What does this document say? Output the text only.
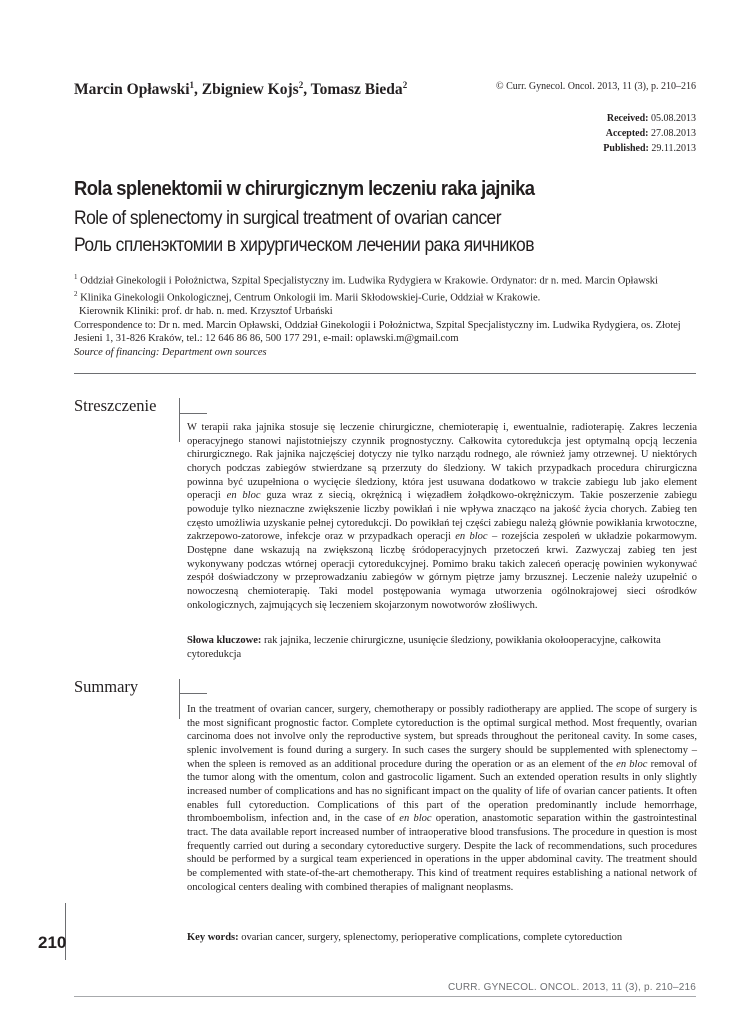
Marcin Opławski$^1$, Zbigniew Kojs$^2$, Tomasz Bieda$^2$	© Curr. Gynecol. Oncol. 2013, 11 (3), p. 210–216
Received: 05.08.2013
Accepted: 27.08.2013
Published: 29.11.2013
Rola splenektomii w chirurgicznym leczeniu raka jajnika
Role of splenectomy in surgical treatment of ovarian cancer
Роль спленэктомии в хирургическом лечении рака яичников

$^1$ Oddział Ginekologii i Położnictwa, Szpital Specjalistyczny im. Ludwika Rydygiera w Krakowie. Ordynator: dr n. med. Marcin Opławski

$^2$ Klinika Ginekologii Onkologicznej, Centrum Onkologii im. Marii Skłodowskiej-Curie, Oddział w Krakowie.

Kierownik Kliniki: prof. dr hab. n. med. Krzysztof Urbański

Correspondence to: Dr n. med. Marcin Opławski, Oddział Ginekologii i Położnictwa, Szpital Specjalistyczny im. Ludwika Rydygiera, os. Złotej Jesieni 1, 31-826 Kraków, tel.: 12 646 86 86, 500 177 291, e-mail: oplawski.m@gmail.com

Source of financing: Department own sources

Streszczenie

W terapii raka jajnika stosuje się leczenie chirurgiczne, chemioterapię i, ewentualnie, radioterapię. Zakres leczenia operacyjnego stanowi najistotniejszy czynnik prognostyczny. Całkowita cytoredukcja jest optymalną opcją leczenia chirurgicznego. Rak jajnika najczęściej dotyczy nie tylko narządu rodnego, ale również jamy otrzewnej. U niektórych chorych podczas zabiegów stwierdzane są przerzuty do śledziony. W takich przypadkach procedura chirurgiczna powinna być uzupełniona o wycięcie śledziony, która jest usuwana dodatkowo w trakcie zabiegu lub jako element operacji en bloc guza wraz z siecią, okrężnicą i więzadłem żołądkowo-okrężniczym. Takie poszerzenie zabiegu powoduje tylko nieznaczne zwiększenie liczby powikłań i nie wpływa znacząco na jakość życia chorych. Zabieg ten często umożliwia uzyskanie pełnej cytoredukcji. Do powikłań tej części zabiegu należą głównie powikłania krwotoczne, zakrzepowo-zatorowe, infekcje oraz w przypadkach operacji en bloc – rozejścia zespoleń w układzie pokarmowym. Dostępne dane wskazują na zwiększoną liczbę śródoperacyjnych przetoczeń krwi. Zazwyczaj zabieg ten jest wykonywany podczas wtórnej operacji cytoredukcyjnej. Pomimo braku takich zaleceń operację powinien wykonywać zespół doświadczony w przeprowadzaniu zabiegów w górnym piętrze jamy brzusznej. Leczenie należy uzupełnić o nowoczesną chemioterapię. Taki model postępowania wymaga utworzenia ogólnokrajowej sieci ośrodków onkologicznych, zajmujących się leczeniem skojarzonym nowotworów złośliwych.

Słowa kluczowe: rak jajnika, leczenie chirurgiczne, usunięcie śledziony, powikłania okołooperacyjne, całkowita cytoredukcja
Summary

In the treatment of ovarian cancer, surgery, chemotherapy or possibly radiotherapy are applied. The scope of surgery is the most significant prognostic factor. Complete cytoreduction is the optimal surgical method. Most frequently, ovarian carcinoma does not involve only the reproductive system, but spreads throughout the peritoneal cavity. In some cases, splenic involvement is found during a surgery. In such cases the surgery should be supplemented with splenectomy – when the spleen is removed as an additional procedure during the operation or as an element of the en bloc removal of the tumor along with the omentum, colon and gastrocolic ligament. Such an extended operation results in only slightly increased number of complications and has no significant impact on the quality of life of ovarian cancer patients. It often enables full cytoreduction. Complications of this part of the operation predominantly include hemorrhage, thromboembolism, infection and, in the case of en bloc operation, anastomotic separation within the gastrointestinal tract. The data available report increased number of intraoperative blood transfusions. The procedure in question is most frequently carried out during a secondary cytoreductive surgery. Despite the lack of recommendations, such procedures should be performed by a surgical team experienced in operations in the upper abdominal cavity. The treatment should be complemented with state-of-the-art chemotherapy. This kind of treatment requires establishing a national network of oncological centers dealing with combined therapies of malignant neoplasms.

Key words: ovarian cancer, surgery, splenectomy, perioperative complications, complete cytoreduction
210
CURR. GYNECOL. ONCOL. 2013, 11 (3), p. 210–216
